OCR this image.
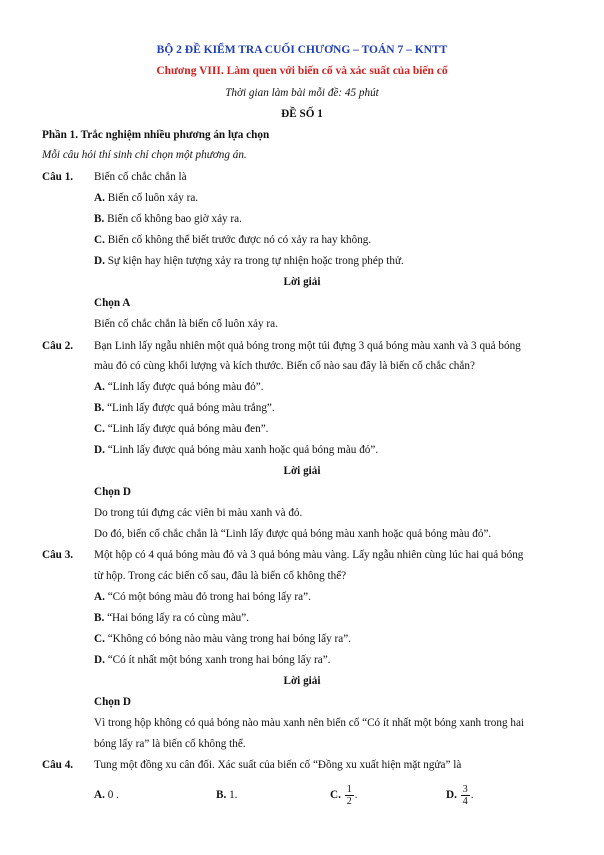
BỘ 2 ĐỀ KIỂM TRA CUỐI CHƯƠNG – TOÁN 7 – KNTT
Chương VIII. Làm quen với biến cố và xác suất của biến cố
Thời gian làm bài mỗi đề: 45 phút
ĐỀ SỐ 1
Phần 1. Trắc nghiệm nhiều phương án lựa chọn
Mỗi câu hỏi thí sinh chỉ chọn một phương án.
Câu 1. Biến cố chắc chắn là
A. Biến cố luôn xảy ra.
B. Biến cố không bao giờ xảy ra.
C. Biến cố không thể biết trước được nó có xảy ra hay không.
D. Sự kiện hay hiện tượng xảy ra trong tự nhiện hoặc trong phép thử.
Lời giải
Chọn A
Biến cố chắc chắn là biến cố luôn xảy ra.
Câu 2. Bạn Linh lấy ngẫu nhiên một quả bóng trong một túi đựng 3 quả bóng màu xanh và 3 quả bóng
màu đỏ có cùng khối lượng và kích thước. Biến cố nào sau đây là biến cố chắc chắn?
A. “Linh lấy được quả bóng màu đỏ”.
B. “Linh lấy được quả bóng màu trắng”.
C. “Linh lấy được quả bóng màu đen”.
D. “Linh lấy được quả bóng màu xanh hoặc quả bóng màu đỏ”.
Lời giải
Chọn D
Do trong túi đựng các viên bi màu xanh và đỏ.
Do đó, biến cố chắc chắn là “Linh lấy được quả bóng màu xanh hoặc quả bóng màu đỏ”.
Câu 3. Một hộp có 4 quả bóng màu đỏ và 3 quả bóng màu vàng. Lấy ngẫu nhiên cùng lúc hai quả bóng
từ hộp. Trong các biến cố sau, đâu là biến cố không thể?
A. “Có một bóng màu đỏ trong hai bóng lấy ra”.
B. “Hai bóng lấy ra có cùng màu”.
C. “Không có bóng nào màu vàng trong hai bóng lấy ra”.
D. “Có ít nhất một bóng xanh trong hai bóng lấy ra”.
Lời giải
Chọn D
Vì trong hộp không có quả bóng nào màu xanh nên biến cố “Có ít nhất một bóng xanh trong hai
bóng lấy ra” là biến cố không thể.
Câu 4. Tung một đồng xu cân đối. Xác suất của biến cố “Đồng xu xuất hiện mặt ngửa” là
A. 0 .	B. 1.	C. $\frac{1}{2}$ .	D. $\frac{3}{4}$ .
